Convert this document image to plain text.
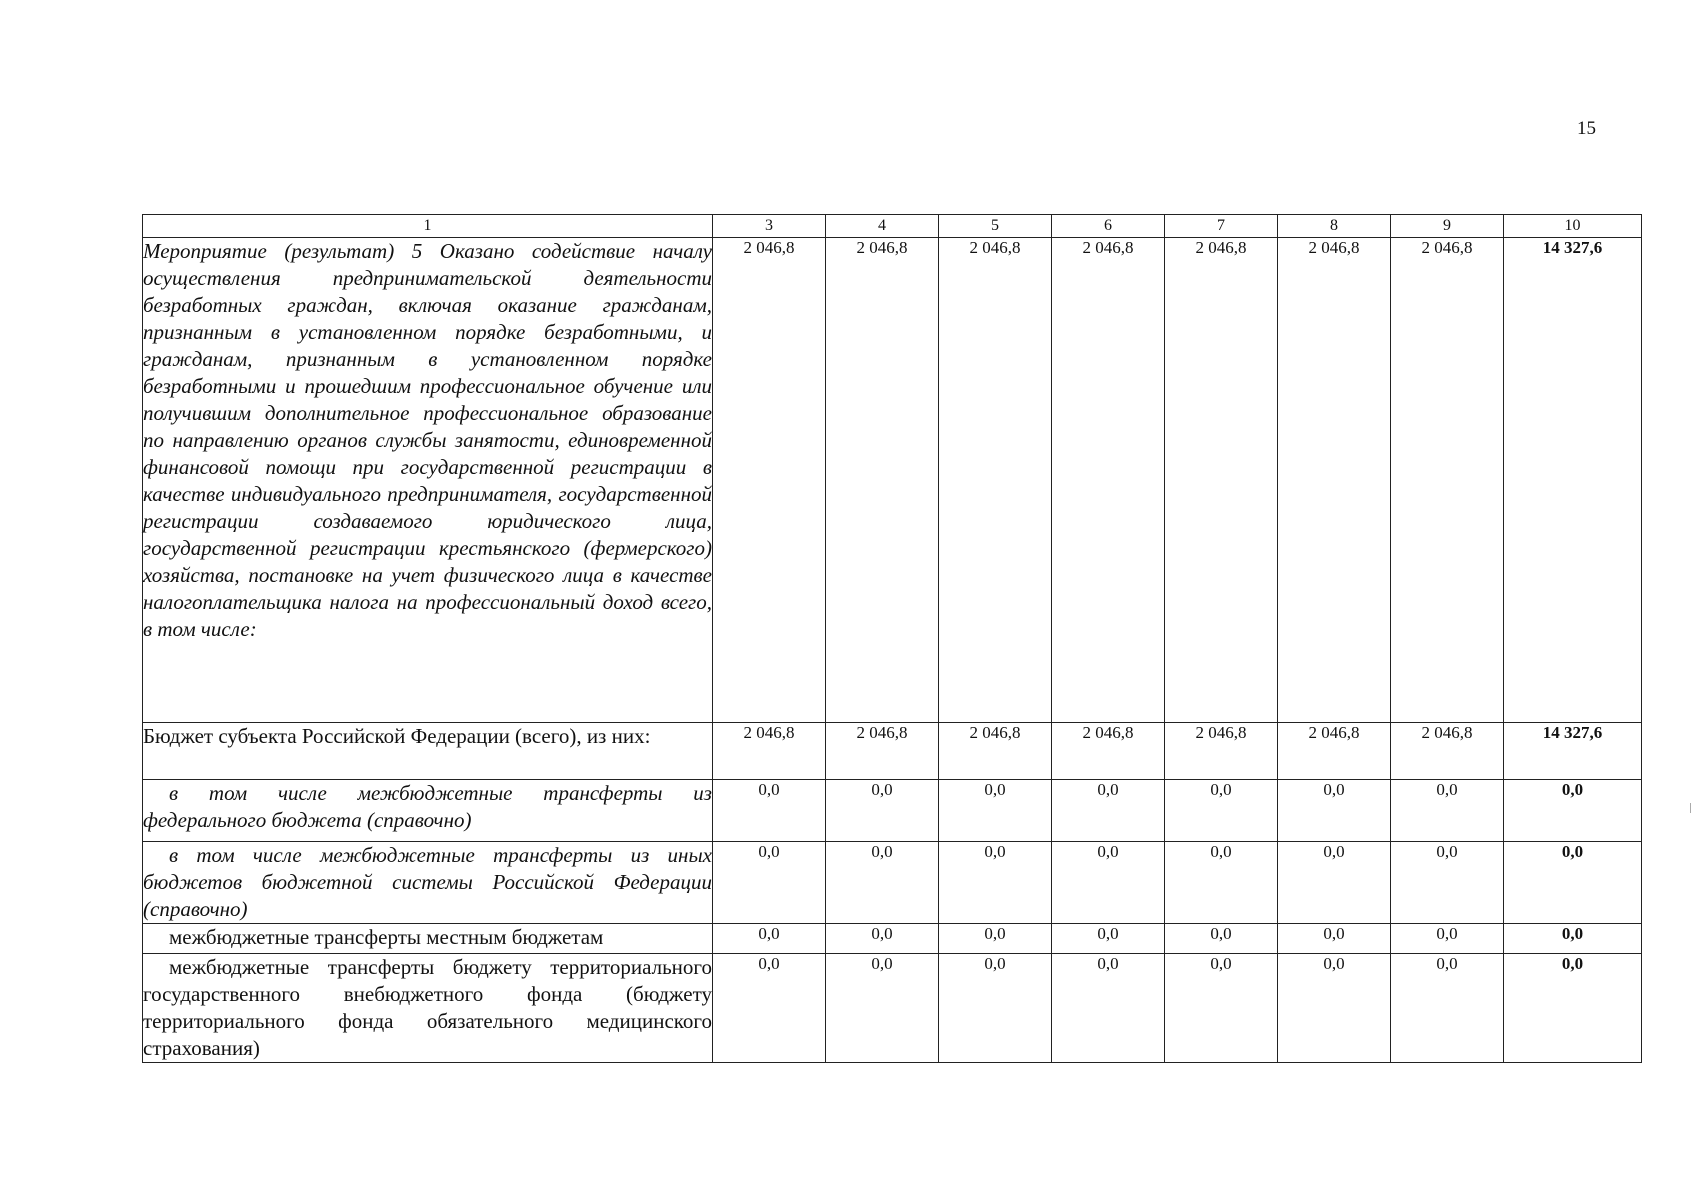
15
1	3	4	5	6	7	8	9	10
Мероприятие (результат) 5 Оказано содействие началу осуществления предпринимательской деятельности безработных граждан, включая оказание гражданам, признанным в установленном порядке безработными, и гражданам, признанным в установленном порядке безработными и прошедшим профессиональное обучение или получившим дополнительное профессиональное образование по направлению органов службы занятости, единовременной финансовой помощи при государственной регистрации в качестве индивидуального предпринимателя, государственной регистрации создаваемого юридического лица, государственной регистрации крестьянского (фермерского) хозяйства, постановке на учет физического лица в качестве налогоплательщика налога на профессиональный доход всего, в том числе:	2 046,8	2 046,8	2 046,8	2 046,8	2 046,8	2 046,8	2 046,8	14 327,6
Бюджет субъекта Российской Федерации (всего), из них:	2 046,8	2 046,8	2 046,8	2 046,8	2 046,8	2 046,8	2 046,8	14 327,6
в том числе межбюджетные трансферты из федерального бюджета (справочно)	0,0	0,0	0,0	0,0	0,0	0,0	0,0	0,0
в том числе межбюджетные трансферты из иных бюджетов бюджетной системы Российской Федерации (справочно)	0,0	0,0	0,0	0,0	0,0	0,0	0,0	0,0
межбюджетные трансферты местным бюджетам	0,0	0,0	0,0	0,0	0,0	0,0	0,0	0,0
межбюджетные трансферты бюджету территориального государственного внебюджетного фонда (бюджету территориального фонда обязательного медицинского страхования)	0,0	0,0	0,0	0,0	0,0	0,0	0,0	0,0
